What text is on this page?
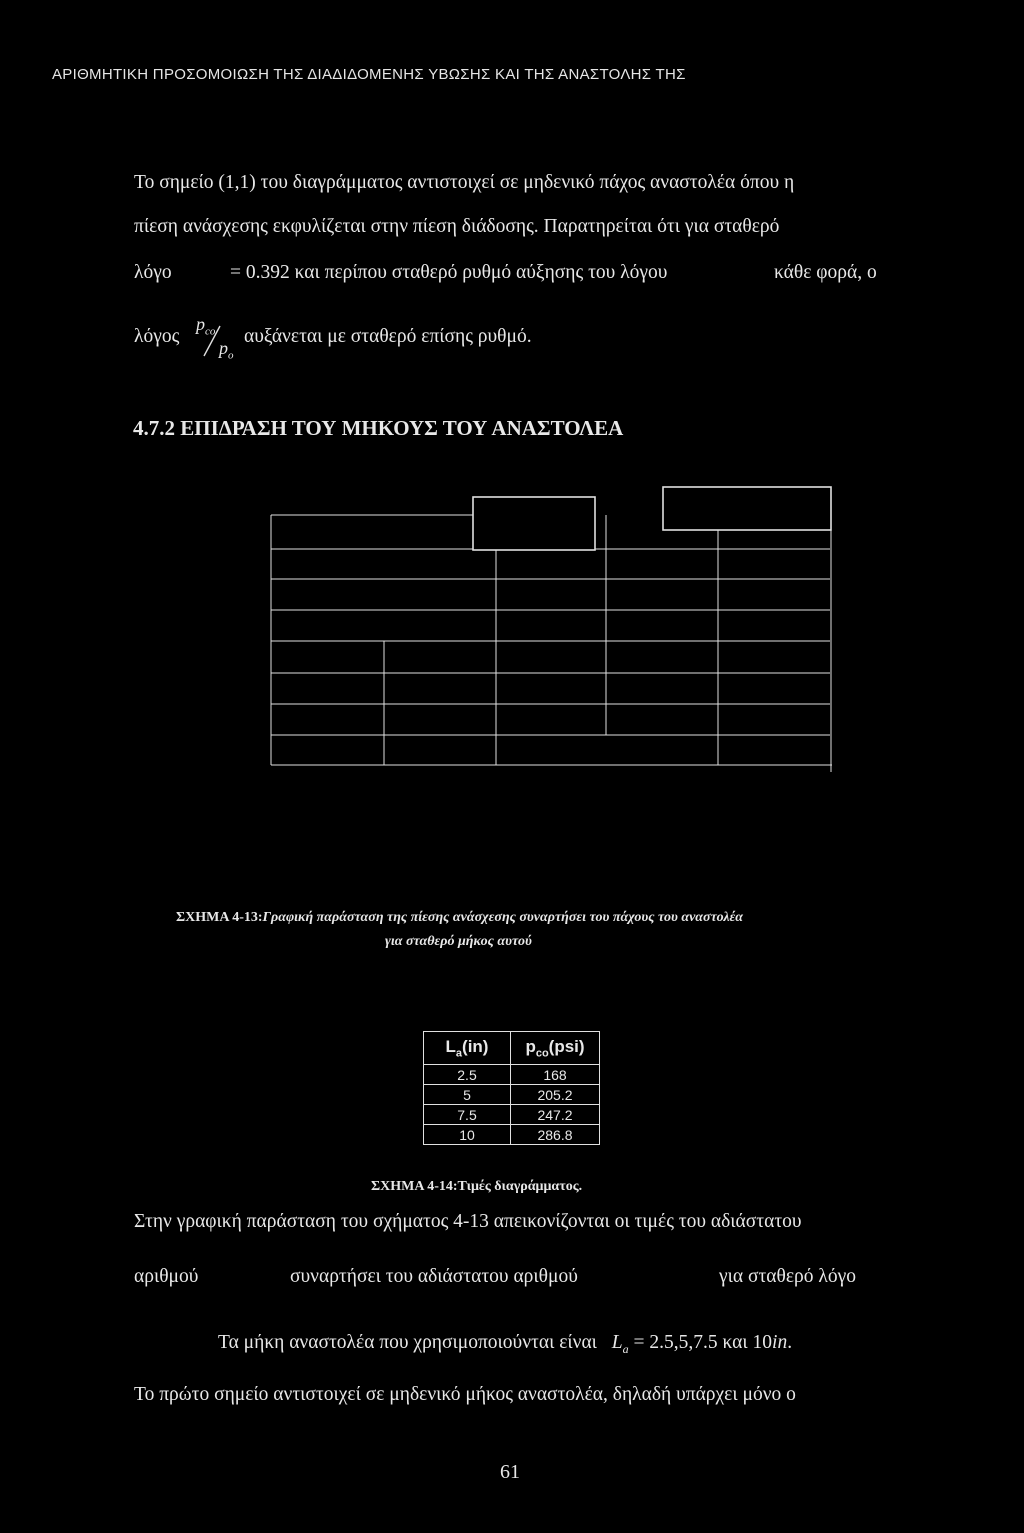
ΑΡΙΘΜΗΤΙΚΗ ΠΡΟΣΟΜΟΙΩΣΗ ΤΗΣ ΔΙΑΔΙΔΟΜΕΝΗΣ ΥΒΩΣΗΣ ΚΑΙ ΤΗΣ ΑΝΑΣΤΟΛΗΣ ΤΗΣ
Το σημείο (1,1) του διαγράμματος αντιστοιχεί σε μηδενικό πάχος αναστολέα όπου η
πίεση ανάσχεσης εκφυλίζεται στην πίεση διάδοσης. Παρατηρείται ότι για σταθερό
λόγο	= 0.392 και περίπου σταθερό ρυθμό αύξησης του λόγου	κάθε φορά, ο
λόγος
$p_{co}$
$p_o$
αυξάνεται με σταθερό επίσης ρυθμό.
4.7.2 ΕΠΙΔΡΑΣΗ ΤΟΥ ΜΗΚΟΥΣ ΤΟΥ ΑΝΑΣΤΟΛΕΑ
ΣΧΗΜΑ 4-13:Γραφική παράσταση της πίεσης ανάσχεσης συναρτήσει του πάχους του αναστολέα
για σταθερό μήκος αυτού
$L_a(in)$	$p_{co}(psi)$
2.5	168
5	205.2
7.5	247.2
10	286.8
ΣΧΗΜΑ 4-14:Τιμές διαγράμματος.
Στην γραφική παράσταση του σχήματος 4-13 απεικονίζονται οι τιμές του αδιάστατου
αριθμού	συναρτήσει του αδιάστατου αριθμού	για σταθερό λόγο
Τα μήκη αναστολέα που χρησιμοποιούνται είναι $L_a = 2.5,5,7.5$ και 10in.
Το πρώτο σημείο αντιστοιχεί σε μηδενικό μήκος αναστολέα, δηλαδή υπάρχει μόνο ο
61
